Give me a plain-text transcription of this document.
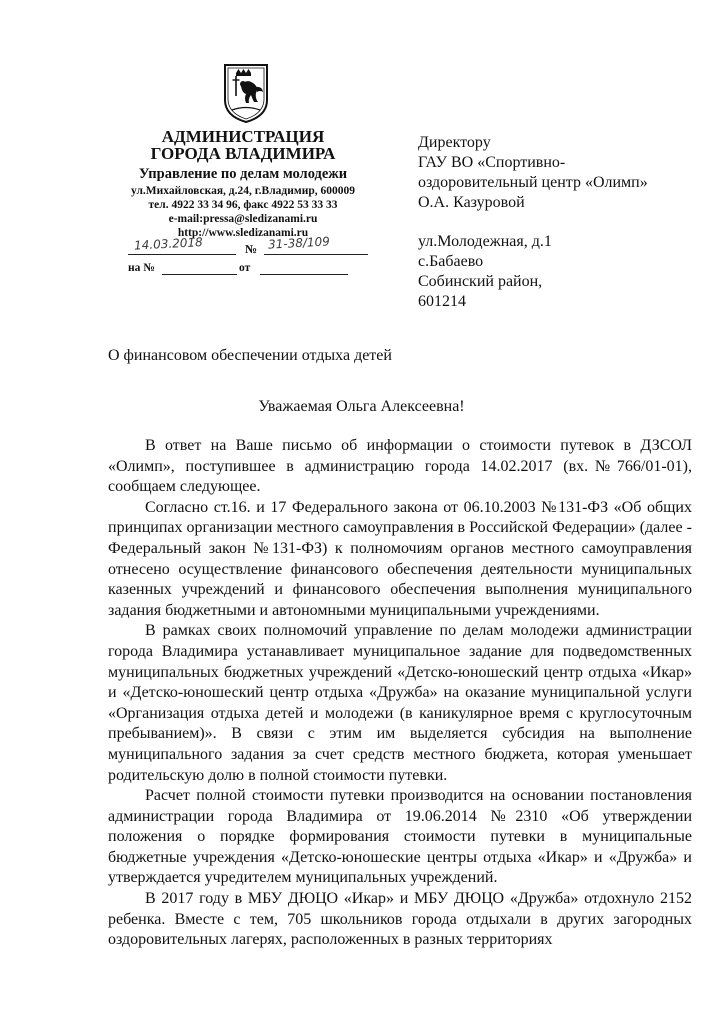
АДМИНИСТРАЦИЯ
ГОРОДА ВЛАДИМИРА
Управление по делам молодежи
ул.Михайловская, д.24, г.Владимир, 600009
тел. 4922 33 34 96, факс 4922 53 33 33
e-mail:pressa@sledizanami.ru
http://www.sledizanami.ru
14.03.2018	№ 31-38/109
на №	от
Директору
ГАУ ВО «Спортивно-
оздоровительный центр «Олимп»
О.А. Казуровой
ул.Молодежная, д.1
с.Бабаево
Собинский район,
601214
О финансовом обеспечении отдыха детей
Уважаемая Ольга Алексеевна!

В ответ на Ваше письмо об информации о стоимости путевок в ДЗСОЛ «Олимп», поступившее в администрацию города 14.02.2017 (вх.№766/01-01), сообщаем следующее.

Согласно ст.16. и 17 Федерального закона от 06.10.2003 №131-ФЗ «Об общих принципах организации местного самоуправления в Российской Федерации» (далее - Федеральный закон №131-ФЗ) к полномочиям органов местного самоуправления отнесено осуществление финансового обеспечения деятельности муниципальных казенных учреждений и финансового обеспечения выполнения муниципального задания бюджетными и автономными муниципальными учреждениями.

В рамках своих полномочий управление по делам молодежи администрации города Владимира устанавливает муниципальное задание для подведомственных муниципальных бюджетных учреждений «Детско-юношеский центр отдыха «Икар» и «Детско-юношеский центр отдыха «Дружба» на оказание муниципальной услуги «Организация отдыха детей и молодежи (в каникулярное время с круглосуточным пребыванием)». В связи с этим им выделяется субсидия на выполнение муниципального задания за счет средств местного бюджета, которая уменьшает родительскую долю в полной стоимости путевки.

Расчет полной стоимости путевки производится на основании постановления администрации города Владимира от 19.06.2014 №2310 «Об утверждении положения о порядке формирования стоимости путевки в муниципальные бюджетные учреждения «Детско-юношеские центры отдыха «Икар» и «Дружба» и утверждается учредителем муниципальных учреждений.

В 2017 году в МБУ ДЮЦО «Икар» и МБУ ДЮЦО «Дружба» отдохнуло 2152 ребенка. Вместе с тем, 705 школьников города отдыхали в других загородных оздоровительных лагерях, расположенных в разных территориях
